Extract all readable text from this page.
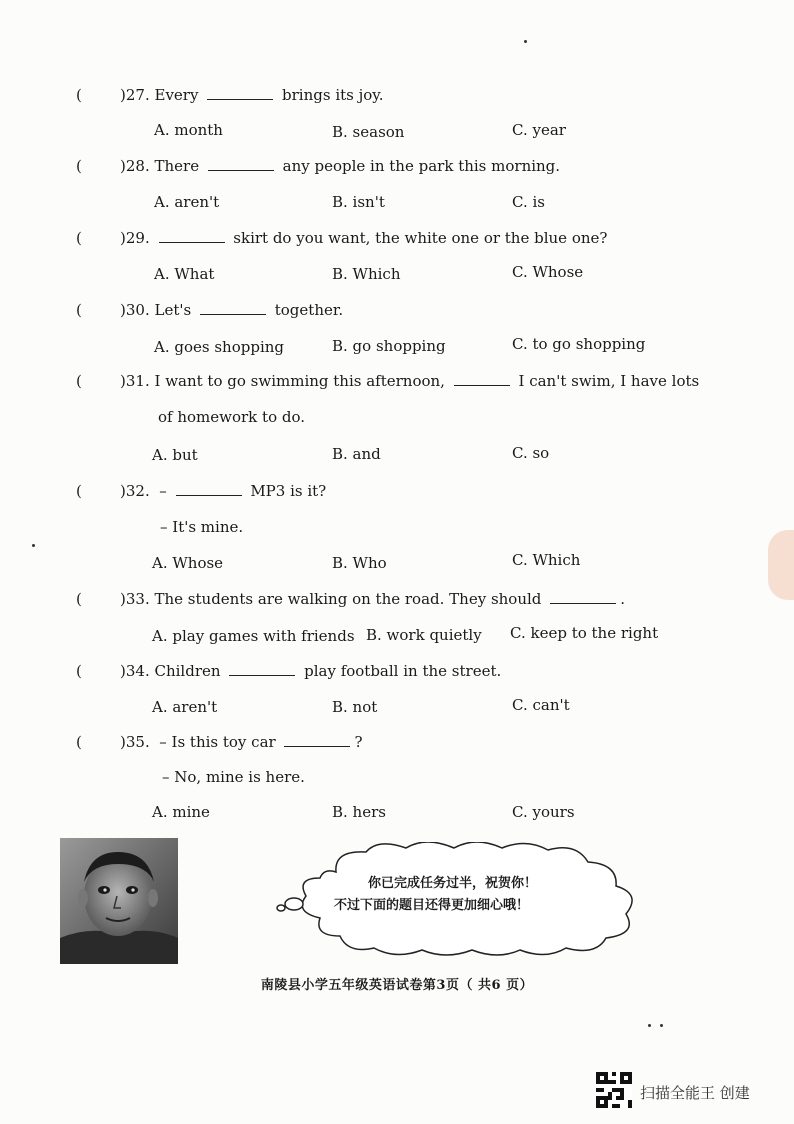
(	)27. Every	brings its joy.
A. month	B. season	C. year
(	)28. There	any people in the park this morning.
A. aren't	B. isn't	C. is
(	)29.	skirt do you want, the white one or the blue one?
A. What	B. Which	C. Whose
(	)30. Let's	together.
A. goes shopping	B. go shopping	C. to go shopping
(	)31. I want to go swimming this afternoon,	I can't swim, I have lots
of homework to do.
A. but	B. and	C. so
(	)32.  –	MP3 is it?
– It's mine.
A. Whose	B. Who	C. Which
(	)33. The students are walking on the road. They should	.
A. play games with friends B. work quietly C. keep to the right
(	)34. Children	play football in the street.
A. aren't	B. not	C. can't
(	)35.  – Is this toy car	?
– No, mine is here.
A. mine	B. hers	C. yours
你已完成任务过半，祝贺你！
不过下面的题目还得更加细心哦！
南陵县小学五年级英语试卷第3页（ 共6 页）
扫描全能王 创建
